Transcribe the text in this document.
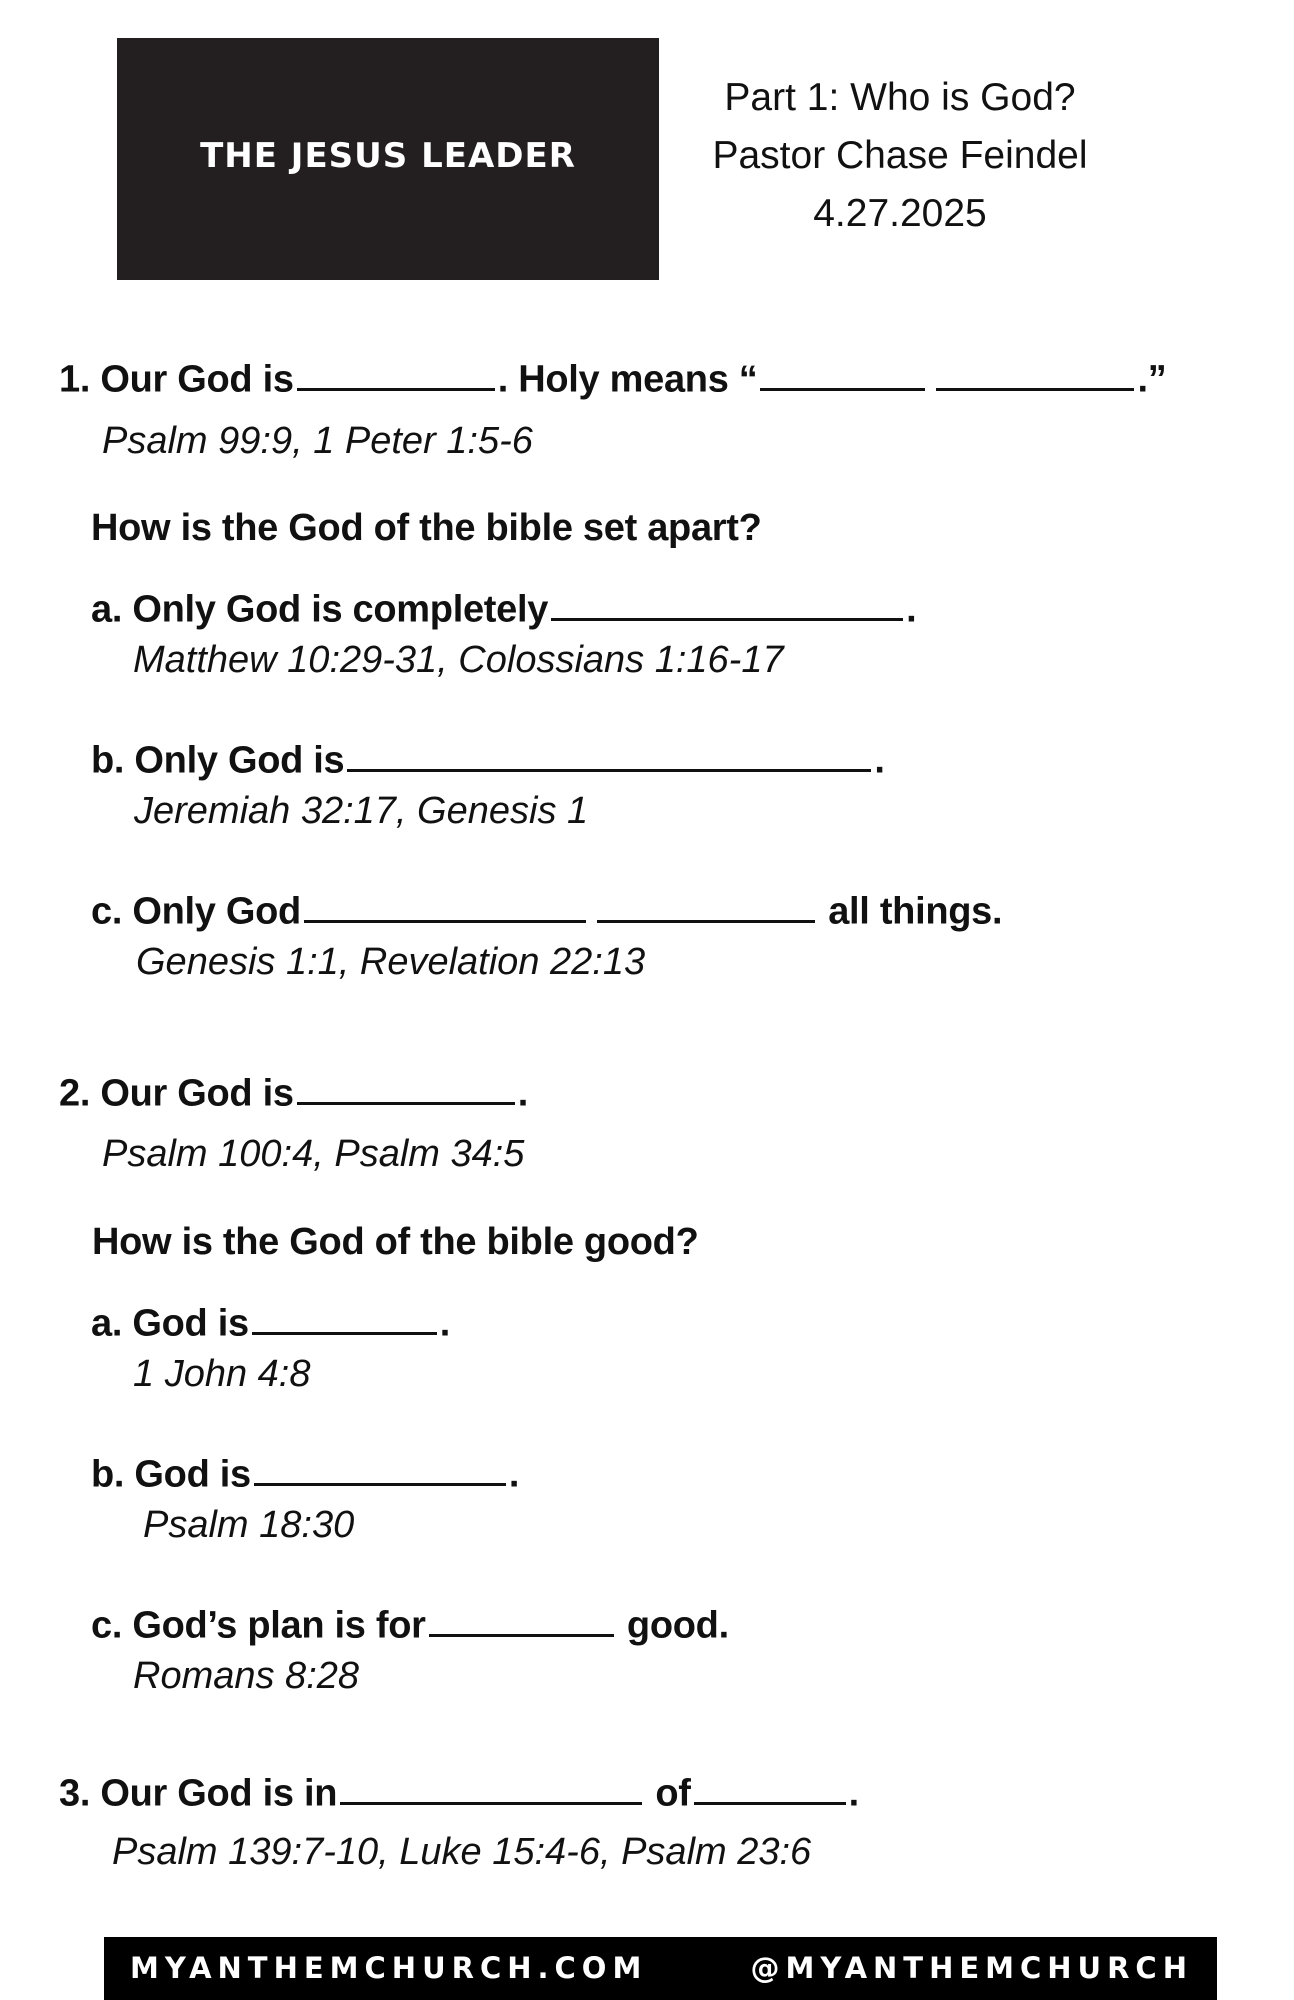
THE JESUS LEADER
Part 1: Who is God?
Pastor Chase Feindel
4.27.2025
1. Our God is	. Holy means “	.”
Psalm 99:9, 1 Peter 1:5-6
How is the God of the bible set apart?
a. Only God is completely	.
Matthew 10:29-31, Colossians 1:16-17
b. Only God is	.
Jeremiah 32:17, Genesis 1
c. Only God	all things.
Genesis 1:1, Revelation 22:13
2. Our God is	.
Psalm 100:4, Psalm 34:5
How is the God of the bible good?
a. God is	.
1 John 4:8
b. God is	.
Psalm 18:30
c. God’s plan is for	good.
Romans 8:28
3. Our God is in	of	.
Psalm 139:7-10, Luke 15:4-6, Psalm 23:6
MYANTHEMCHURCH.COM	@MYANTHEMCHURCH
